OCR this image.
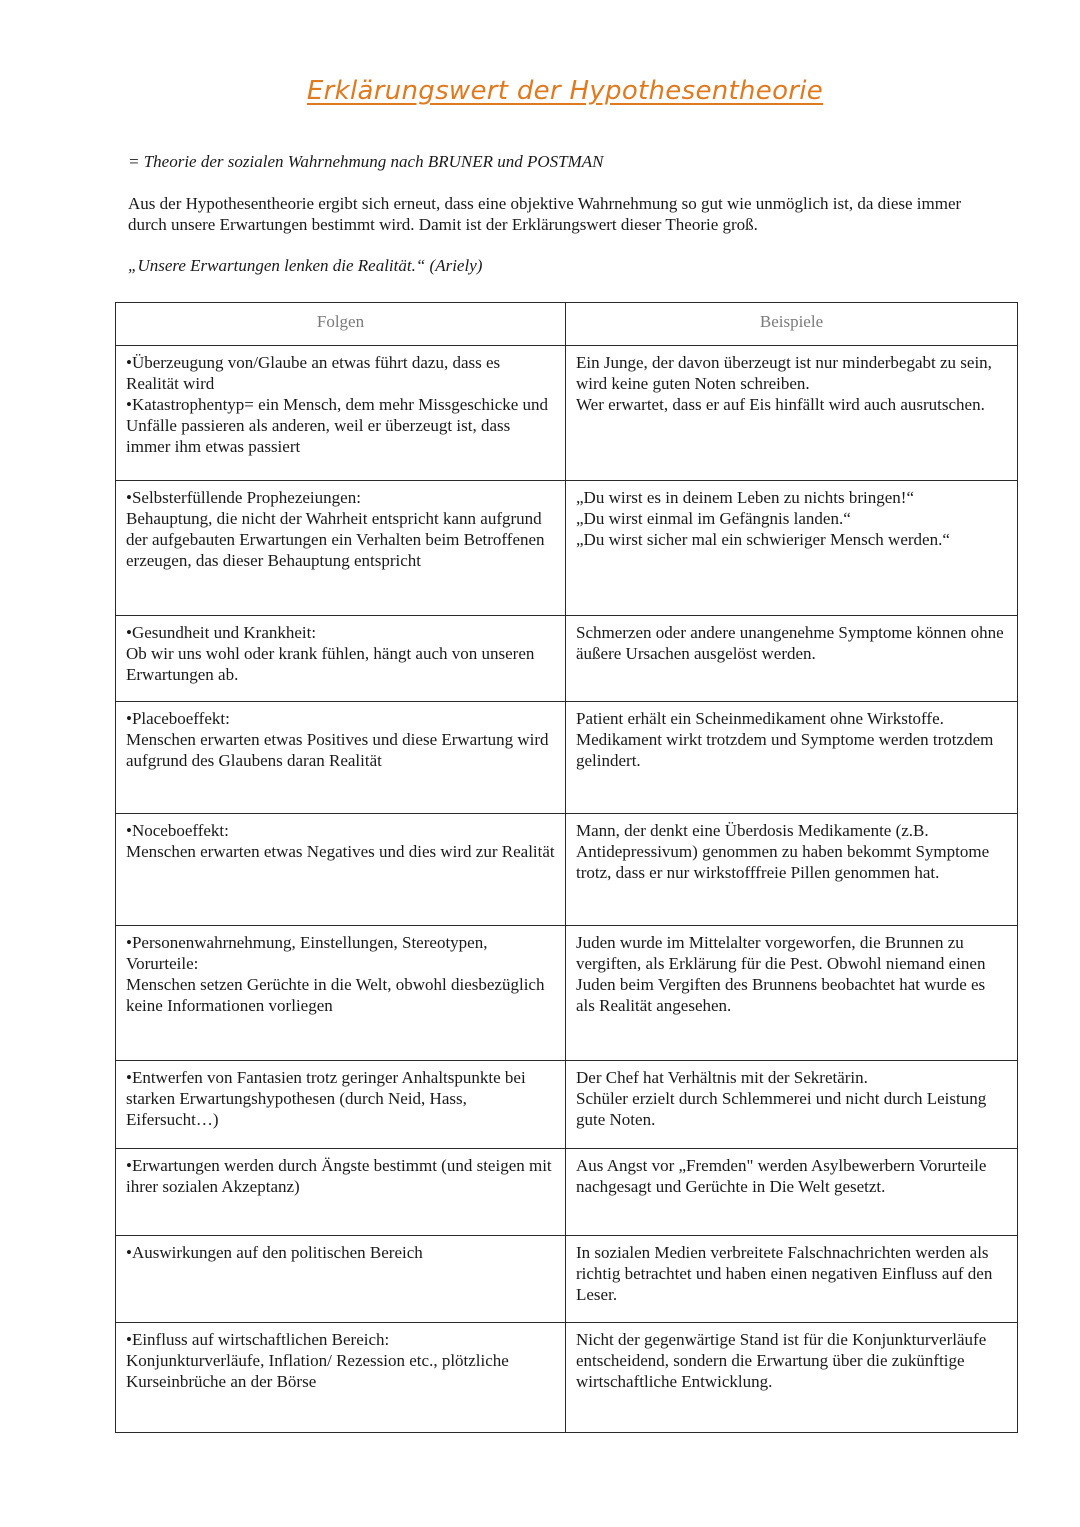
Erklärungswert der Hypothesentheorie
= Theorie der sozialen Wahrnehmung nach BRUNER und POSTMAN
Aus der Hypothesentheorie ergibt sich erneut, dass eine objektive Wahrnehmung so gut wie unmöglich ist, da diese immer durch unsere Erwartungen bestimmt wird. Damit ist der Erklärungswert dieser Theorie groß.
„Unsere Erwartungen lenken die Realität.“ (Ariely)
Folgen	Beispiele

•Überzeugung von/Glaube an etwas führt dazu, dass es Realität wird
•Katastrophentyp= ein Mensch, dem mehr Missgeschicke und Unfälle passieren als anderen, weil er überzeugt ist, dass immer ihm etwas passiert	Ein Junge, der davon überzeugt ist nur minderbegabt zu sein, wird keine guten Noten schreiben.
Wer erwartet, dass er auf Eis hinfällt wird auch ausrutschen.

•Selbsterfüllende Prophezeiungen:
Behauptung, die nicht der Wahrheit entspricht kann aufgrund der aufgebauten Erwartungen ein Verhalten beim Betroffenen erzeugen, das dieser Behauptung entspricht	„Du wirst es in deinem Leben zu nichts bringen!“
„Du wirst einmal im Gefängnis landen.“
„Du wirst sicher mal ein schwieriger Mensch werden.“

•Gesundheit und Krankheit:
Ob wir uns wohl oder krank fühlen, hängt auch von unseren Erwartungen ab.	Schmerzen oder andere unangenehme Symptome können ohne äußere Ursachen ausgelöst werden.

•Placeboeffekt:
Menschen erwarten etwas Positives und diese Erwartung wird aufgrund des Glaubens daran Realität	Patient erhält ein Scheinmedikament ohne Wirkstoffe. Medikament wirkt trotzdem und Symptome werden trotzdem gelindert.

•Noceboeffekt:
Menschen erwarten etwas Negatives und dies wird zur Realität	Mann, der denkt eine Überdosis Medikamente (z.B. Antidepressivum) genommen zu haben bekommt Symptome trotz, dass er nur wirkstofffreie Pillen genommen hat.

•Personenwahrnehmung, Einstellungen, Stereotypen, Vorurteile:
Menschen setzen Gerüchte in die Welt, obwohl diesbezüglich keine Informationen vorliegen	Juden wurde im Mittelalter vorgeworfen, die Brunnen zu vergiften, als Erklärung für die Pest. Obwohl niemand einen Juden beim Vergiften des Brunnens beobachtet hat wurde es als Realität angesehen.

•Entwerfen von Fantasien trotz geringer Anhaltspunkte bei starken Erwartungshypothesen (durch Neid, Hass, Eifersucht…)	Der Chef hat Verhältnis mit der Sekretärin.
Schüler erzielt durch Schlemmerei und nicht durch Leistung gute Noten.

•Erwartungen werden durch Ängste bestimmt (und steigen mit ihrer sozialen Akzeptanz)	Aus Angst vor „Fremden" werden Asylbewerbern Vorurteile nachgesagt und Gerüchte in Die Welt gesetzt.

•Auswirkungen auf den politischen Bereich	In sozialen Medien verbreitete Falschnachrichten werden als richtig betrachtet und haben einen negativen Einfluss auf den Leser.

•Einfluss auf wirtschaftlichen Bereich:
Konjunkturverläufe, Inflation/ Rezession etc., plötzliche Kurseinbrüche an der Börse	Nicht der gegenwärtige Stand ist für die Konjunkturverläufe entscheidend, sondern die Erwartung über die zukünftige wirtschaftliche Entwicklung.
